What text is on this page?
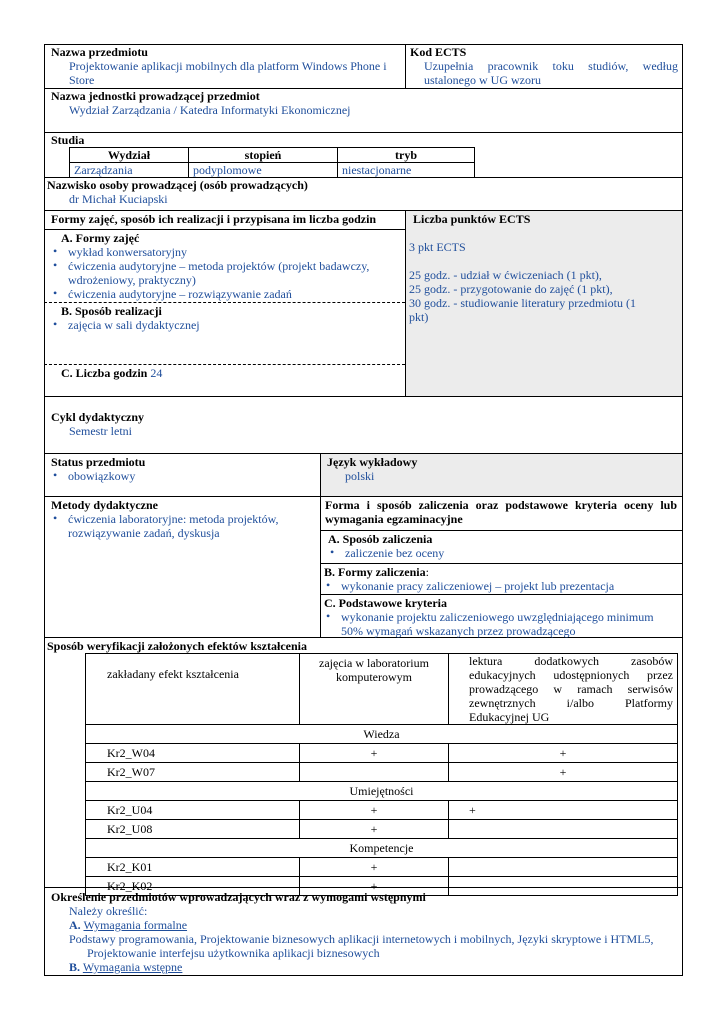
Nazwa przedmiotu
Projektowanie aplikacji mobilnych dla platform Windows Phone i Store
Kod ECTS
Uzupełnia pracownik toku studiów, według ustalonego w UG wzoru
Nazwa jednostki prowadzącej przedmiot
Wydział Zarządzania / Katedra Informatyki Ekonomicznej
Studia
Wydział	stopień	tryb
Zarządzania	podyplomowe	niestacjonarne
Nazwisko osoby prowadzącej (osób prowadzących)
dr Michał Kuciapski
Formy zajęć, sposób ich realizacji i przypisana im liczba godzin
A. Formy zajęć
• wykład konwersatoryjny
• ćwiczenia audytoryjne – metoda projektów (projekt badawczy, wdrożeniowy, praktyczny)
• ćwiczenia audytoryjne – rozwiązywanie zadań
B. Sposób realizacji
• zajęcia w sali dydaktycznej
C. Liczba godzin 24
Liczba punktów ECTS
3 pkt ECTS
25 godz. - udział w ćwiczeniach (1 pkt),
25 godz. - przygotowanie do zajęć (1 pkt),
30 godz. - studiowanie literatury przedmiotu (1 pkt)
Cykl dydaktyczny
Semestr letni
Status przedmiotu
• obowiązkowy
Język wykładowy
polski
Metody dydaktyczne
• ćwiczenia laboratoryjne: metoda projektów, rozwiązywanie zadań, dyskusja
Forma i sposób zaliczenia oraz podstawowe kryteria oceny lub wymagania egzaminacyjne
A. Sposób zaliczenia
• zaliczenie bez oceny
B. Formy zaliczenia:
• wykonanie pracy zaliczeniowej – projekt lub prezentacja
C. Podstawowe kryteria
• wykonanie projektu zaliczeniowego uwzględniającego minimum 50% wymagań wskazanych przez prowadzącego
Sposób weryfikacji założonych efektów kształcenia
zakładany efekt kształcenia	zajęcia w laboratorium komputerowym	lektura dodatkowych zasobów edukacyjnych udostępnionych przez prowadzącego w ramach serwisów zewnętrznych i/albo Platformy Edukacyjnej UG
Wiedza		
Kr2_W04	+	+
Kr2_W07		+
Umiejętności		
Kr2_U04	+	+
Kr2_U08	+	
Kompetencje		
Kr2_K01	+	
Kr2_K02	+	
Określenie przedmiotów wprowadzających wraz z wymogami wstępnymi
Należy określić:
A. Wymagania formalne
Podstawy programowania, Projektowanie biznesowych aplikacji internetowych i mobilnych, Języki skryptowe i HTML5, Projektowanie interfejsu użytkownika aplikacji biznesowych
B. Wymagania wstępne
